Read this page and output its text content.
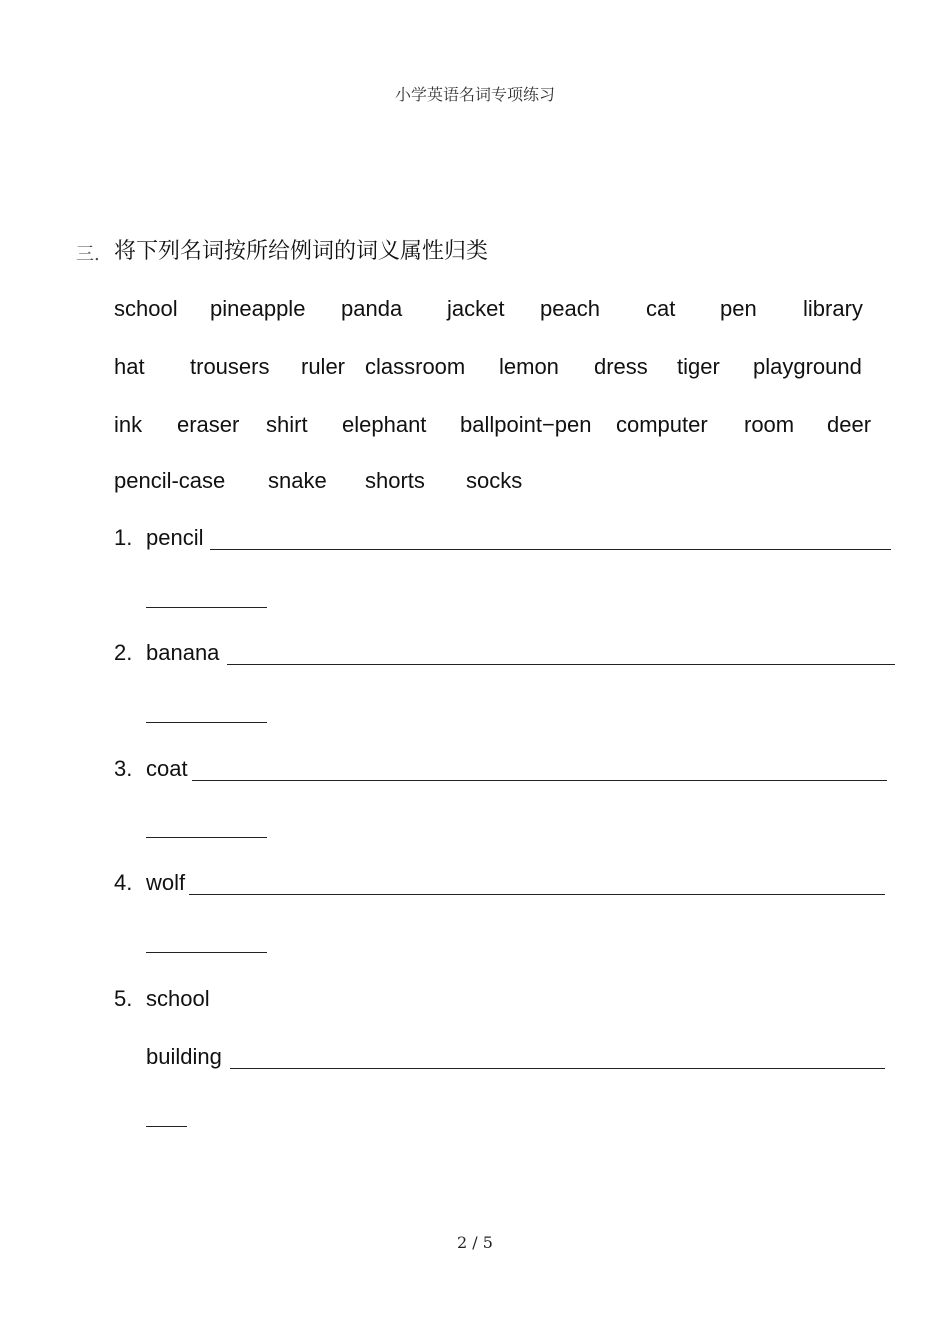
小学英语名词专项练习
三. 将下列名词按所给例词的词义属性归类
school pineapple panda jacket peach cat pen library
hat trousers ruler classroom lemon dress tiger playground
ink eraser shirt elephant ballpoint−pen computer room deer
pencil-case snake shorts socks
1. pencil
2. banana
3. coat
4. wolf
5. school
building
2 / 5
